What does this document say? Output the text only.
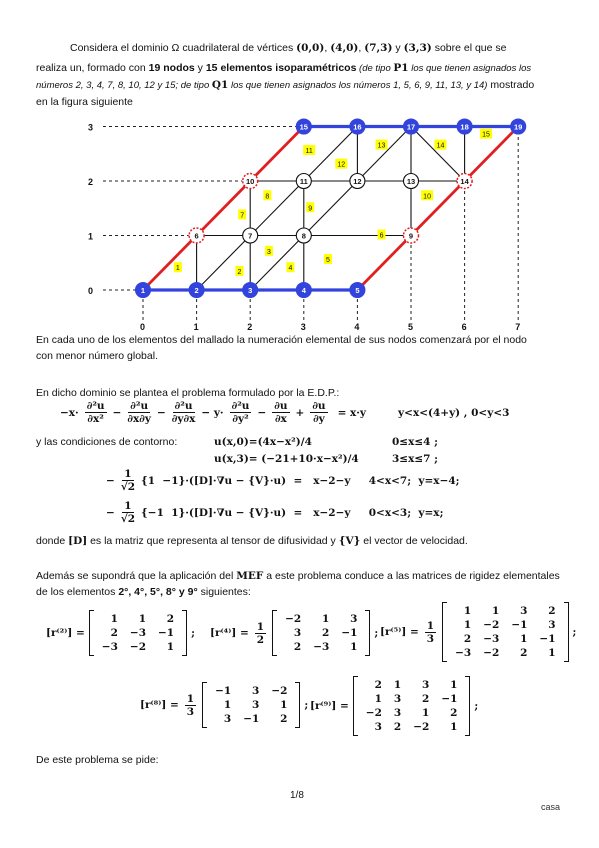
Considera el dominio Ω cuadrilateral de vértices (0,0), (4,0), (7,3) y (3,3) sobre el que se
realiza un, formado con 19 nodos y 15 elementos isoparamétricos (de tipo P1 los que tienen asignados los
números 2, 3, 4, 7, 8, 10, 12 y 15; de tipo Q1 los que tienen asignados los números 1, 5, 6, 9, 11, 13, y 14) mostrado
en la figura siguiente
1
2
3
4
5
6
7
8
9
10
11
12
13	14
15
1	2	3	4	5
6	7	8	9
10	11	12	13	14
15	16	17	18	19
3
2
1
0
0	1	2	3	4	5	6	7
En cada uno de los elementos del mallado la numeración elemental de sus nodos comenzará por el nodo
con menor número global.
En dicho dominio se plantea el problema formulado por la E.D.P.:
$-x\cdot \frac{\text{∂²u}}{\text{∂x²}} - \frac{\text{∂²u}}{\partial x\partial y} - \frac{\text{∂²u}}{\partial y\partial x} - y\cdot \frac{\text{∂²u}}{\text{∂y²}} - \frac{\partial u}{\partial x} + \frac{\partial u}{\partial y} = x\cdot y$	y<x<(4+y) , 0<y<3
y las condiciones de contorno:	u(x,0)=(4x−x²)/4	0≤x≤4 ;
u(x,3)= (−21+10·x−x²)/4	3≤x≤7 ;
− $\frac{1}{√2} \{1 -1\}\cdot([D]\cdot\nabla u - \{V\}\cdot u) = x-2-y$     4<x<7;  y=x−4;
− $\frac{1}{√2} \{-1$  1}·([D]·∇u − {V}·u)  =   x−2−y     0<x<3;  y=x;
donde [D] es la matriz que representa al tensor de difusividad y {V} el vector de velocidad.
Además se supondrá que la aplicación del MEF a este problema conduce a las matrices de rigidez elementales
de los elementos 2°, 4°, 5°, 8° y 9° siguientes:
[r⁽²⁾] =
1	1	2
2	−3	−1
−3	−2	1
; $[r^{(4)}] = \frac{1}{2}$
−2	1	3
3	2	−1
2	−3	1
; $[r^{(5)}] = \frac{1}{3}$
1	1	3	2
1	−2	−1	3
2	−3	1	−1
−3	−2	2	1
;
$[r^{(8)}] = \frac{1}{3}$
−1	3	−2
1	3	1
3	−1	2
; [r⁽⁹⁾] =
2	1	3	1
1	3	2	−1
−2	3	1	2
3	2	−2	1
;
De este problema se pide:
1/8
casa
